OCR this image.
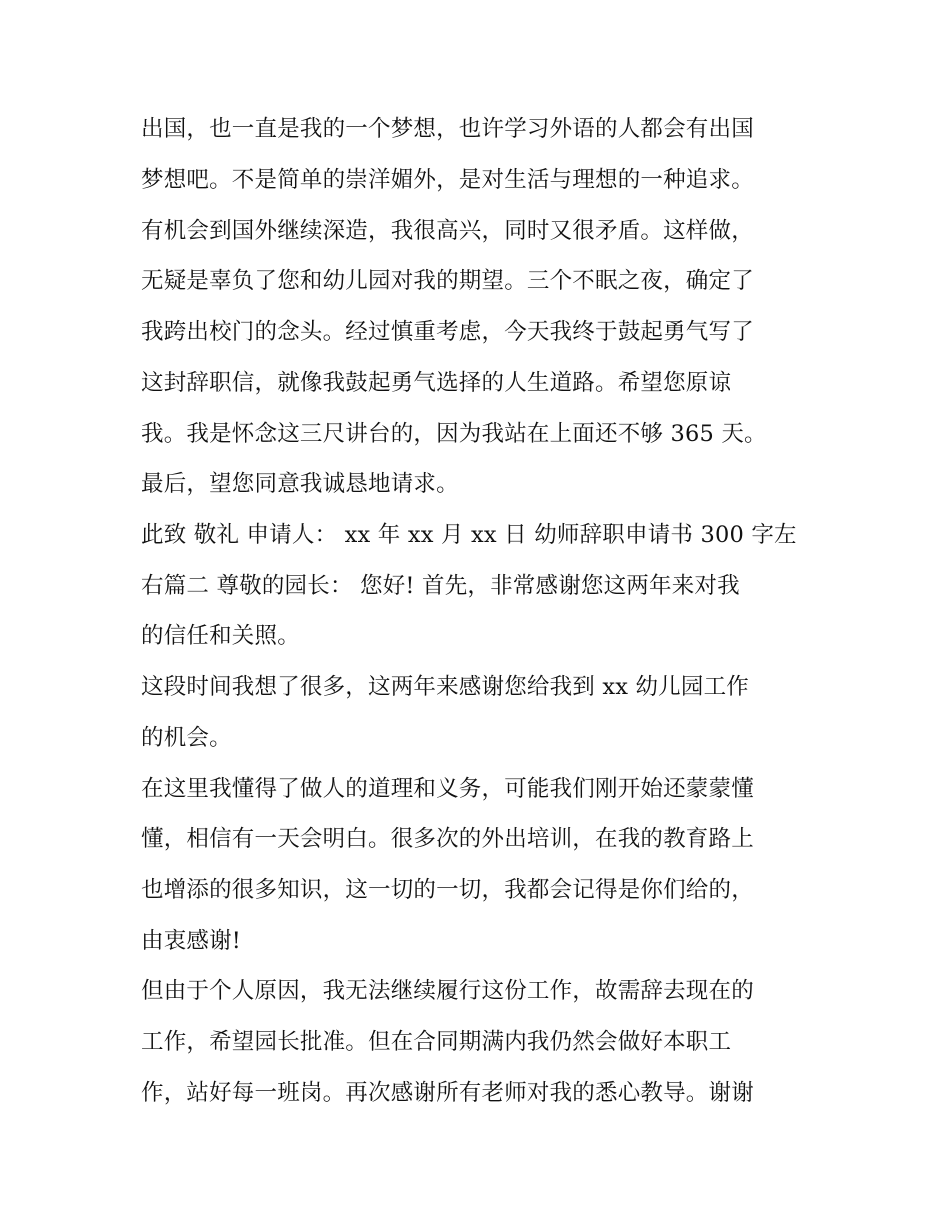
出国，也一直是我的一个梦想，也许学习外语的人都会有出国
梦想吧。不是简单的崇洋媚外，是对生活与理想的一种追求。
有机会到国外继续深造，我很高兴，同时又很矛盾。这样做，
无疑是辜负了您和幼儿园对我的期望。三个不眠之夜，确定了
我跨出校门的念头。经过慎重考虑，今天我终于鼓起勇气写了
这封辞职信，就像我鼓起勇气选择的人生道路。希望您原谅
我。我是怀念这三尺讲台的，因为我站在上面还不够 365 天。
最后，望您同意我诚恳地请求。
此致 敬礼 申请人： xx 年 xx 月 xx 日 幼师辞职申请书 300 字左
右篇二 尊敬的园长： 您好! 首先，非常感谢您这两年来对我
的信任和关照。
这段时间我想了很多，这两年来感谢您给我到 xx 幼儿园工作
的机会。
在这里我懂得了做人的道理和义务，可能我们刚开始还蒙蒙懂
懂，相信有一天会明白。很多次的外出培训，在我的教育路上
也增添的很多知识，这一切的一切，我都会记得是你们给的，
由衷感谢!
但由于个人原因，我无法继续履行这份工作，故需辞去现在的
工作，希望园长批准。但在合同期满内我仍然会做好本职工
作，站好每一班岗。再次感谢所有老师对我的悉心教导。谢谢
